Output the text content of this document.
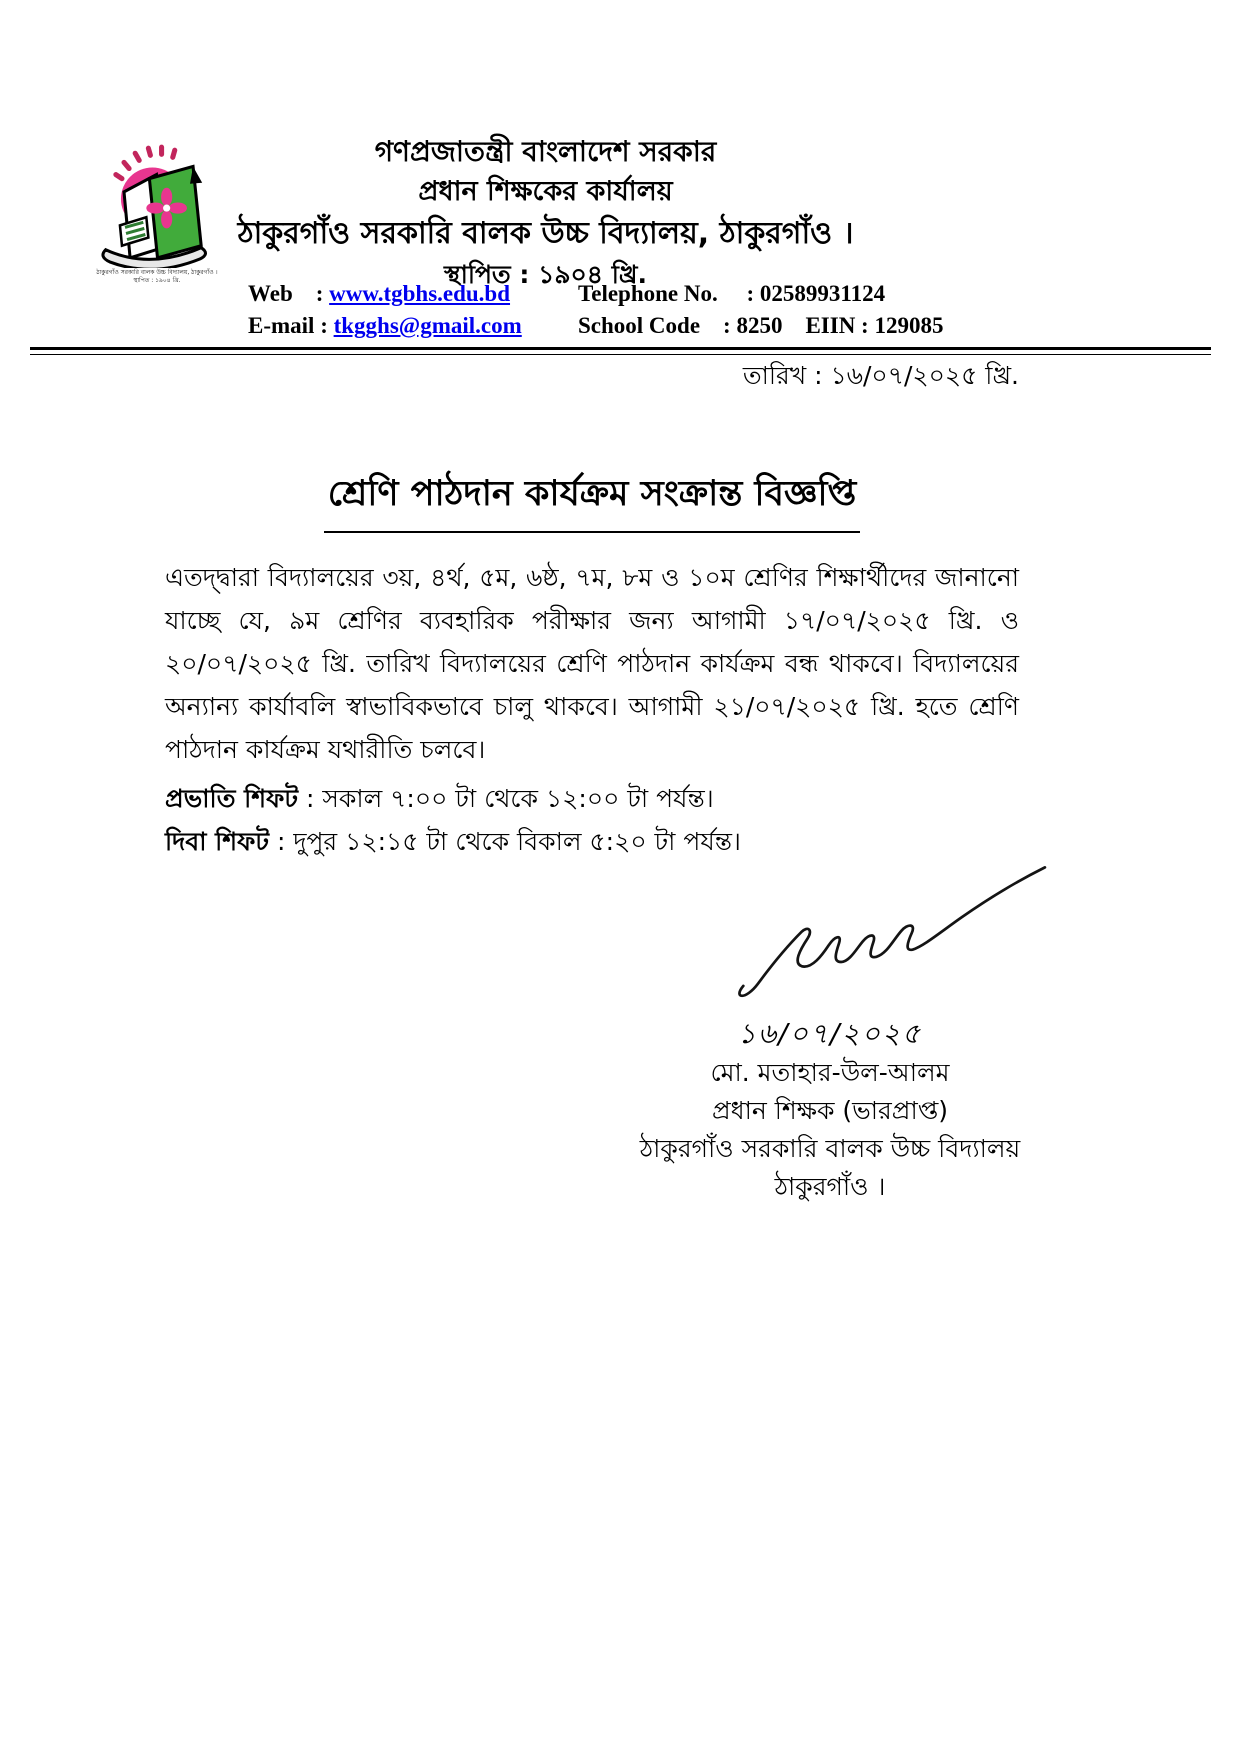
ঠাকুরগাঁও সরকারি বালক উচ্চ বিদ্যালয়, ঠাকুরগাঁও ।
স্থাপিত : ১৯০৪ খ্রি.
গণপ্রজাতন্ত্রী বাংলাদেশ সরকার
প্রধান শিক্ষকের কার্যালয়
ঠাকুরগাঁও সরকারি বালক উচ্চ বিদ্যালয়, ঠাকুরগাঁও ।
স্থাপিত : ১৯০৪ খ্রি.
Web    : www.tgbhs.edu.bd	Telephone No.     : 02589931124
E-mail : tkgghs@gmail.com	School Code    : 8250    EIIN : 129085
তারিখ : ১৬/০৭/২০২৫ খ্রি.
শ্রেণি পাঠদান কার্যক্রম সংক্রান্ত বিজ্ঞপ্তি
এতদ্দ্বারা বিদ্যালয়ের ৩য়, ৪র্থ, ৫ম, ৬ষ্ঠ, ৭ম, ৮ম ও ১০ম শ্রেণির শিক্ষার্থীদের জানানো যাচ্ছে যে, ৯ম শ্রেণির ব্যবহারিক পরীক্ষার জন্য আগামী ১৭/০৭/২০২৫ খ্রি. ও ২০/০৭/২০২৫ খ্রি. তারিখ বিদ্যালয়ের শ্রেণি পাঠদান কার্যক্রম বন্ধ থাকবে। বিদ্যালয়ের অন্যান্য কার্যাবলি স্বাভাবিকভাবে চালু থাকবে। আগামী ২১/০৭/২০২৫ খ্রি. হতে শ্রেণি পাঠদান কার্যক্রম যথারীতি চলবে।
প্রভাতি শিফট : সকাল ৭:০০ টা থেকে ১২:০০ টা পর্যন্ত।
দিবা শিফট : দুপুর ১২:১৫ টা থেকে বিকাল ৫:২০ টা পর্যন্ত।
১৬/০৭/২০২৫
মো. মতাহার-উল-আলম
প্রধান শিক্ষক (ভারপ্রাপ্ত)
ঠাকুরগাঁও সরকারি বালক উচ্চ বিদ্যালয়
ঠাকুরগাঁও ।
